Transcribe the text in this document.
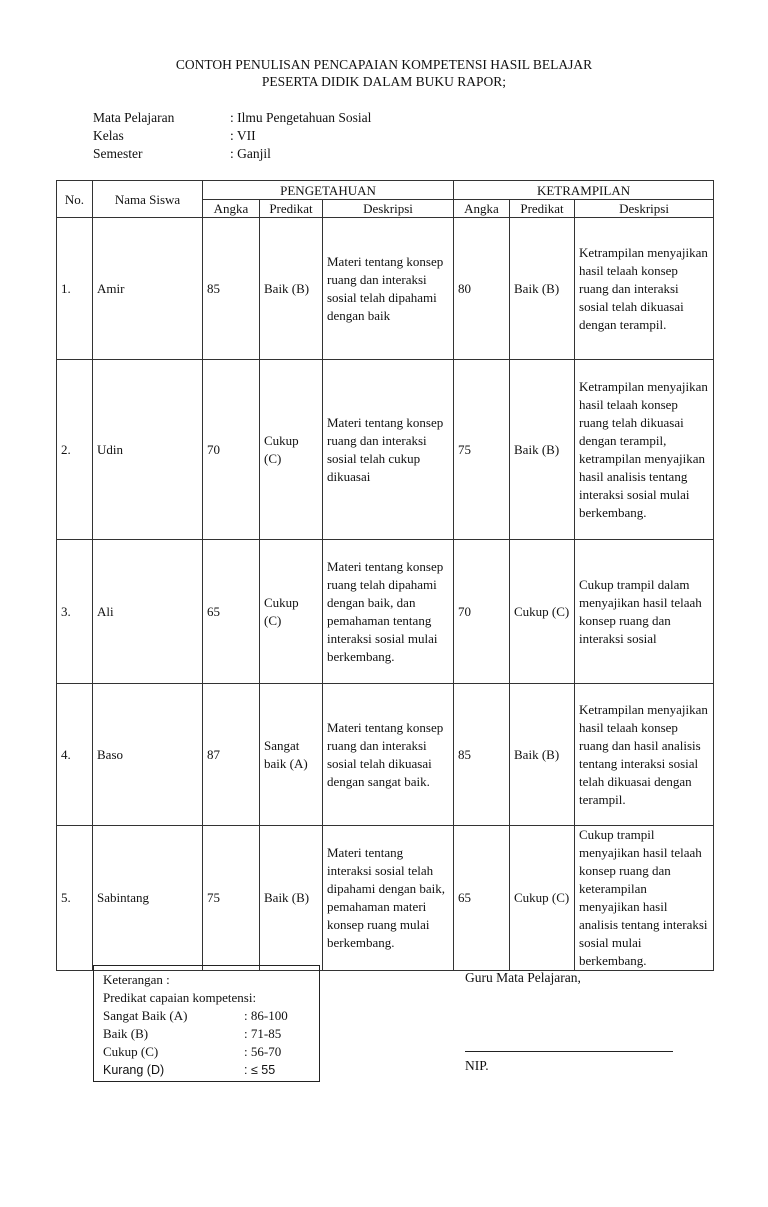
CONTOH PENULISAN PENCAPAIAN KOMPETENSI HASIL BELAJAR
PESERTA DIDIK DALAM BUKU RAPOR;
Mata Pelajaran	: Ilmu Pengetahuan Sosial
Kelas	: VII
Semester	: Ganjil
No.	Nama Siswa	PENGETAHUAN			KETRAMPILAN		
		Angka	Predikat	Deskripsi	Angka	Predikat	Deskripsi
1.	Amir	85	Baik (B)	Materi tentang konsep ruang dan interaksi sosial telah dipahami dengan baik	80	Baik (B)	Ketrampilan menyajikan hasil telaah konsep ruang dan interaksi sosial telah dikuasai dengan terampil.
2.	Udin	70	Cukup (C)	Materi tentang konsep ruang dan interaksi sosial telah cukup dikuasai	75	Baik (B)	Ketrampilan menyajikan hasil telaah konsep ruang telah dikuasai dengan terampil, ketrampilan menyajikan hasil analisis tentang interaksi sosial mulai berkembang.
3.	Ali	65	Cukup (C)	Materi tentang konsep ruang telah dipahami dengan baik, dan pemahaman tentang interaksi sosial mulai berkembang.	70	Cukup (C)	Cukup trampil dalam menyajikan hasil telaah konsep ruang dan interaksi sosial
4.	Baso	87	Sangat baik (A)	Materi tentang konsep ruang dan interaksi sosial telah dikuasai dengan sangat baik.	85	Baik (B)	Ketrampilan menyajikan hasil telaah konsep ruang dan hasil analisis tentang interaksi sosial telah dikuasai dengan terampil.
5.	Sabintang	75	Baik (B)	Materi tentang interaksi sosial telah dipahami dengan baik, pemahaman materi konsep ruang mulai berkembang.	65	Cukup (C)	Cukup trampil menyajikan hasil telaah konsep ruang dan keterampilan menyajikan hasil analisis tentang interaksi sosial mulai berkembang.
Keterangan :
Predikat capaian kompetensi:
Sangat Baik (A)	: 86-100
Baik (B)	: 71-85
Cukup (C)	: 56-70
Kurang (D)	: ≤ 55
Guru Mata Pelajaran,
NIP.
